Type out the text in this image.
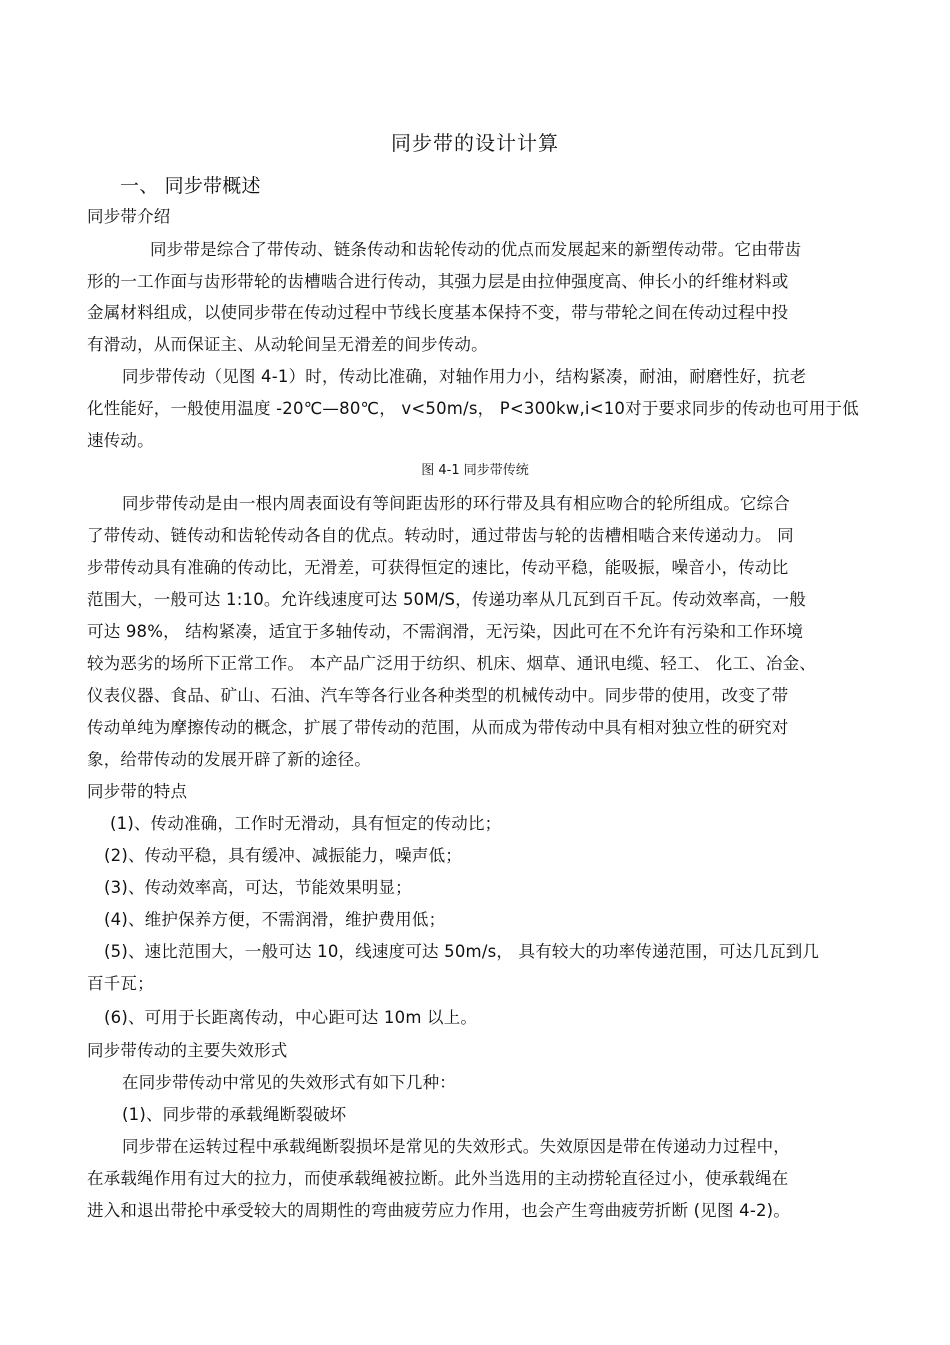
同步带的设计计算
一、 同步带概述
同步带介绍
同步带是综合了带传动、链条传动和齿轮传动的优点而发展起来的新塑传动带。它由带齿
形的一工作面与齿形带轮的齿槽啮合进行传动，其强力层是由拉伸强度高、伸长小的纤维材料或
金属材料组成，以使同步带在传动过程中节线长度基本保持不变，带与带轮之间在传动过程中投
有滑动，从而保证主、从动轮间呈无滑差的间步传动。
同步带传动（见图 4-1）时，传动比准确，对轴作用力小，结构紧凑，耐油，耐磨性好，抗老
化性能好，一般使用温度 -20℃—80℃， v<50m/s， P<300kw,i<10对于要求同步的传动也可用于低
速传动。
图 4-1 同步带传统
同步带传动是由一根内周表面设有等间距齿形的环行带及具有相应吻合的轮所组成。它综合
了带传动、链传动和齿轮传动各自的优点。转动时，通过带齿与轮的齿槽相啮合来传递动力。 同
步带传动具有准确的传动比，无滑差，可获得恒定的速比，传动平稳，能吸振，噪音小，传动比
范围大，一般可达 1:10。允许线速度可达 50M/S，传递功率从几瓦到百千瓦。传动效率高，一般
可达 98%， 结构紧凑，适宜于多轴传动，不需润滑，无污染，因此可在不允许有污染和工作环境
较为恶劣的场所下正常工作。 本产品广泛用于纺织、机床、烟草、通讯电缆、轻工、 化工、冶金、
仪表仪器、食品、矿山、石油、汽车等各行业各种类型的机械传动中。同步带的使用，改变了带
传动单纯为摩擦传动的概念，扩展了带传动的范围，从而成为带传动中具有相对独立性的研究对
象，给带传动的发展开辟了新的途径。
同步带的特点
(1)、传动准确，工作时无滑动，具有恒定的传动比；
(2)、传动平稳，具有缓冲、减振能力，噪声低；
(3)、传动效率高，可达，节能效果明显；
(4)、维护保养方便，不需润滑，维护费用低；
(5)、速比范围大，一般可达 10，线速度可达 50m/s， 具有较大的功率传递范围，可达几瓦到几
百千瓦；
(6)、可用于长距离传动，中心距可达 10m 以上。
同步带传动的主要失效形式
在同步带传动中常见的失效形式有如下几种：
(1)、同步带的承载绳断裂破坏
同步带在运转过程中承载绳断裂损坏是常见的失效形式。失效原因是带在传递动力过程中，
在承载绳作用有过大的拉力，而使承载绳被拉断。此外当选用的主动捞轮直径过小，使承载绳在
进入和退出带抡中承受较大的周期性的弯曲疲劳应力作用，也会产生弯曲疲劳折断 (见图 4-2)。
